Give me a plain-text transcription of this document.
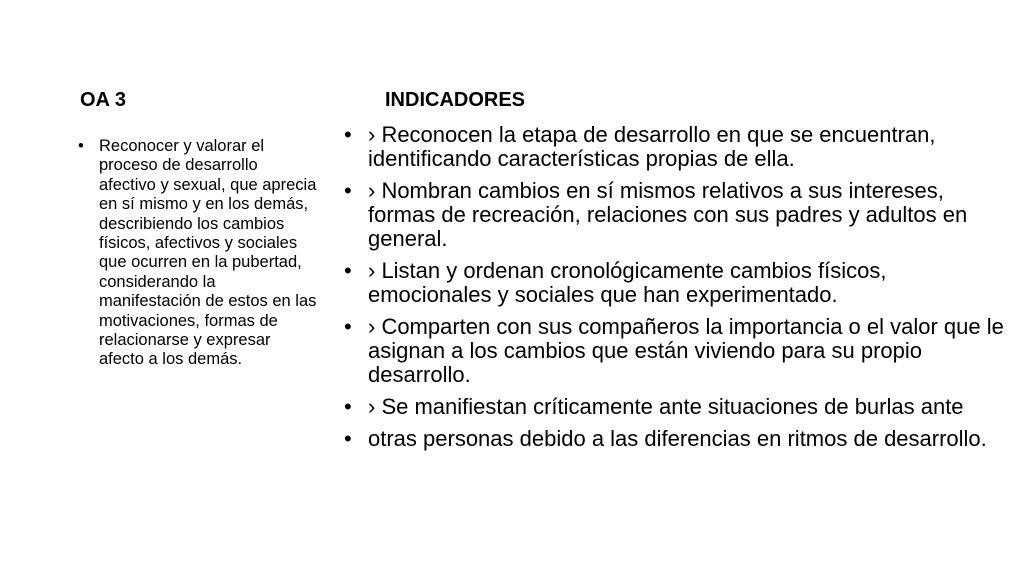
OA 3
• Reconocer y valorar el proceso de desarrollo afectivo y sexual, que aprecia en sí mismo y en los demás, describiendo los cambios físicos, afectivos y sociales que ocurren en la pubertad, considerando la manifestación de estos en las motivaciones, formas de relacionarse y expresar afecto a los demás.
INDICADORES
• › Reconocen la etapa de desarrollo en que se encuentran, identificando características propias de ella.
• › Nombran cambios en sí mismos relativos a sus intereses, formas de recreación, relaciones con sus padres y adultos en general.
• › Listan y ordenan cronológicamente cambios físicos, emocionales y sociales que han experimentado.
• › Comparten con sus compañeros la importancia o el valor que le asignan a los cambios que están viviendo para su propio desarrollo.
• › Se manifiestan críticamente ante situaciones de burlas ante
• otras personas debido a las diferencias en ritmos de desarrollo.
